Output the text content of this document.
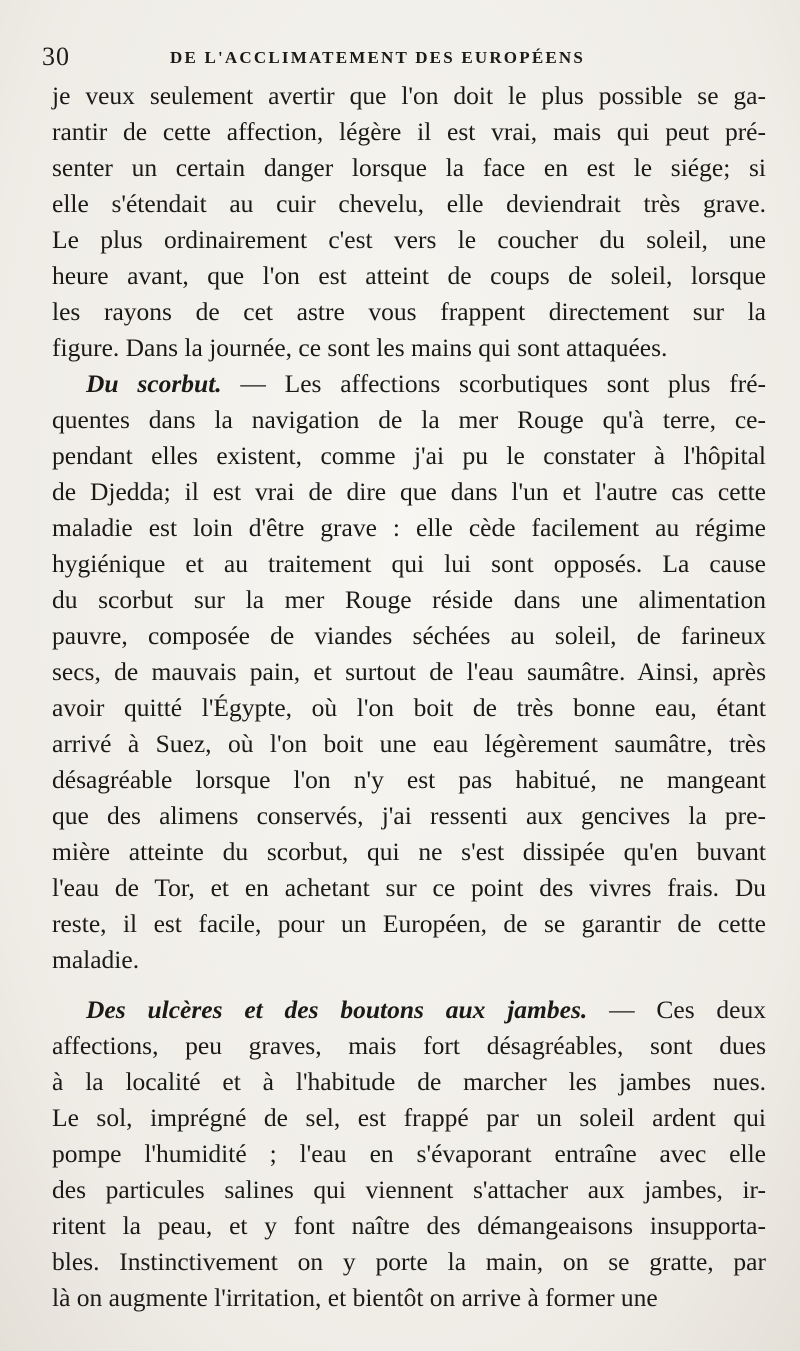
30	DE L'ACCLIMATEMENT DES EUROPÉENS
je veux seulement avertir que l'on doit le plus possible se ga-
rantir de cette affection, légère il est vrai, mais qui peut pré-
senter un certain danger lorsque la face en est le siége; si
elle s'étendait au cuir chevelu, elle deviendrait très grave.
Le plus ordinairement c'est vers le coucher du soleil, une
heure avant, que l'on est atteint de coups de soleil, lorsque
les rayons de cet astre vous frappent directement sur la
figure. Dans la journée, ce sont les mains qui sont attaquées.
Du scorbut. — Les affections scorbutiques sont plus fré-
quentes dans la navigation de la mer Rouge qu'à terre, ce-
pendant elles existent, comme j'ai pu le constater à l'hôpital
de Djedda; il est vrai de dire que dans l'un et l'autre cas cette
maladie est loin d'être grave : elle cède facilement au régime
hygiénique et au traitement qui lui sont opposés. La cause
du scorbut sur la mer Rouge réside dans une alimentation
pauvre, composée de viandes séchées au soleil, de farineux
secs, de mauvais pain, et surtout de l'eau saumâtre. Ainsi, après
avoir quitté l'Égypte, où l'on boit de très bonne eau, étant
arrivé à Suez, où l'on boit une eau légèrement saumâtre, très
désagréable lorsque l'on n'y est pas habitué, ne mangeant
que des alimens conservés, j'ai ressenti aux gencives la pre-
mière atteinte du scorbut, qui ne s'est dissipée qu'en buvant
l'eau de Tor, et en achetant sur ce point des vivres frais. Du
reste, il est facile, pour un Européen, de se garantir de cette
maladie.
Des ulcères et des boutons aux jambes. — Ces deux
affections, peu graves, mais fort désagréables, sont dues
à la localité et à l'habitude de marcher les jambes nues.
Le sol, imprégné de sel, est frappé par un soleil ardent qui
pompe l'humidité ; l'eau en s'évaporant entraîne avec elle
des particules salines qui viennent s'attacher aux jambes, ir-
ritent la peau, et y font naître des démangeaisons insupporta-
bles. Instinctivement on y porte la main, on se gratte, par
là on augmente l'irritation, et bientôt on arrive à former une
